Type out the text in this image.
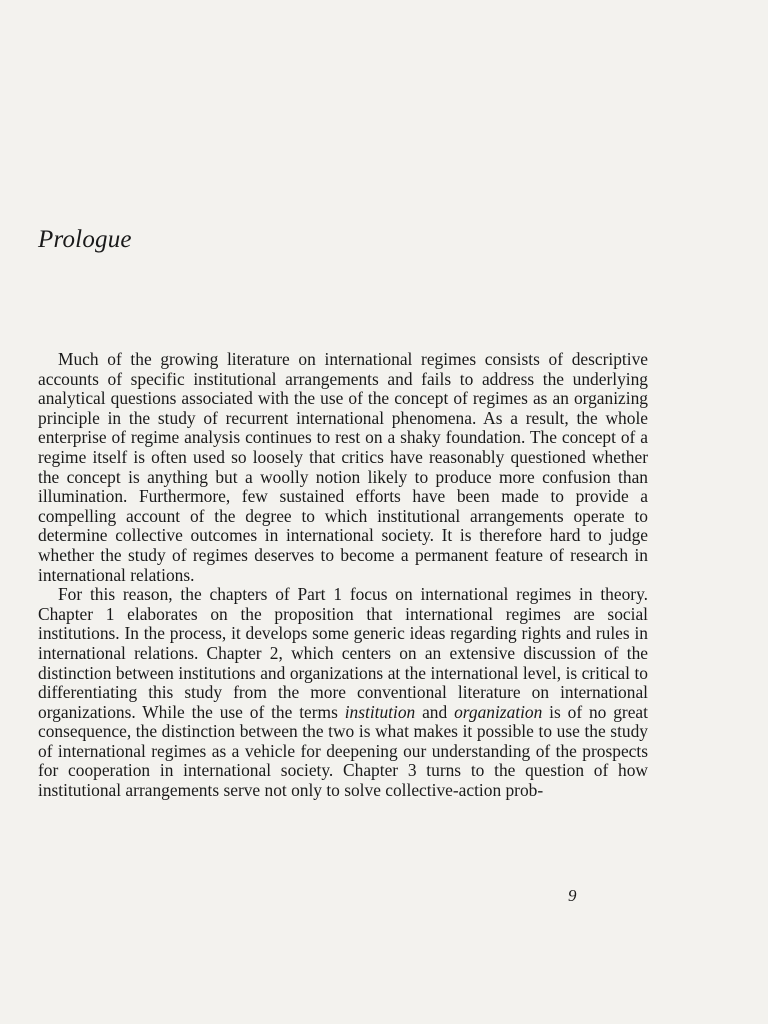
Prologue

Much of the growing literature on international regimes consists of descriptive accounts of specific institutional arrangements and fails to address the underlying analytical questions associated with the use of the concept of regimes as an organizing principle in the study of recurrent international phenomena. As a result, the whole enterprise of regime analysis continues to rest on a shaky foundation. The concept of a regime itself is often used so loosely that critics have reasonably questioned whether the concept is anything but a woolly notion likely to produce more confusion than illumination. Furthermore, few sustained efforts have been made to provide a compelling account of the degree to which institutional arrangements operate to determine collective outcomes in international society. It is therefore hard to judge whether the study of regimes deserves to become a permanent feature of research in international relations.

For this reason, the chapters of Part 1 focus on international regimes in theory. Chapter 1 elaborates on the proposition that international regimes are social institutions. In the process, it develops some generic ideas regarding rights and rules in international relations. Chapter 2, which centers on an extensive discussion of the distinction between institutions and organizations at the international level, is critical to differentiating this study from the more conventional literature on international organizations. While the use of the terms institution and organization is of no great consequence, the distinction between the two is what makes it possible to use the study of international regimes as a vehicle for deepening our understanding of the prospects for cooperation in international society. Chapter 3 turns to the question of how institutional arrangements serve not only to solve collective-action prob-

9
